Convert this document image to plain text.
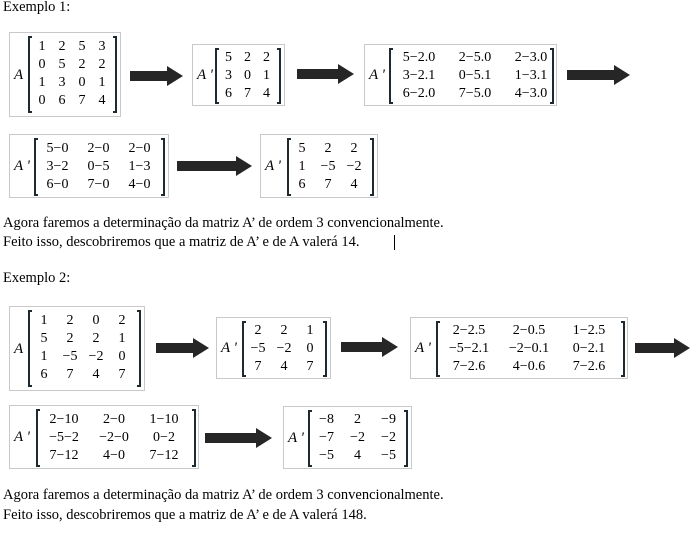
Exemplo 1:
A
1 2 5 3
0 5 2 2
1 3 0 1
0 6 7 4
A '
5 2 2
3 0 1
6 7 4
A '
5−2.0	2−5.0	2−3.0
3−2.1	0−5.1	1−3.1
6−2.0	7−5.0	4−3.0
A '
5−0	2−0	2−0
3−2	0−5	1−3
6−0	7−0	4−0
A '
5	2	2
1	−5 −2
6	7	4
Agora faremos a determinação da matriz A’ de ordem 3 convencionalmente.
Feito isso, descobriremos que a matriz de A’ e de A valerá 14.
Exemplo 2:
A
1	2	0	2
5	2	2	1
1	−5 −2	0
6	7	4	7
A '
2	2	1
−5 −2	0
7	4	7
A '
2−2.5	2−0.5	1−2.5
−5−2.1	−2−0.1	0−2.1
7−2.6	4−0.6	7−2.6
A '
2−10	2−0	1−10
−5−2	−2−0	0−2
7−12	4−0	7−12
A '
−8	2	−9
−7	−2	−2
−5	4	−5
Agora faremos a determinação da matriz A’ de ordem 3 convencionalmente.
Feito isso, descobriremos que a matriz de A’ e de A valerá 148.
